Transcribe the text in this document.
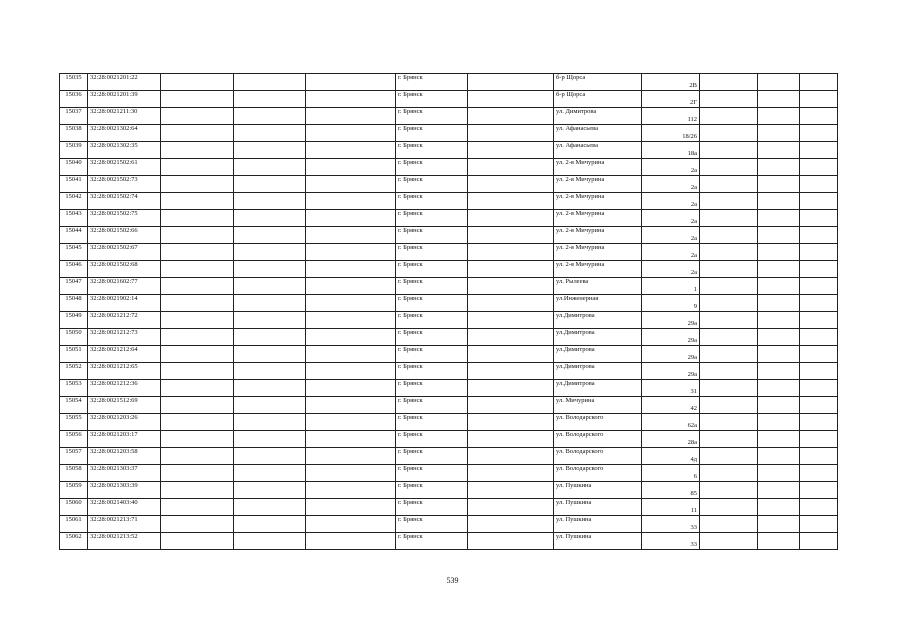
15035	32:28:0021201:22				г. Брянск		б-р Щорса	2В			
15036	32:28:0021201:39				г. Брянск		б-р Щорса	2Г			
15037	32:28:0021211:30				г. Брянск		ул. Димитрова	112			
15038	32:28:0021302:64				г. Брянск		ул. Афанасьева	18/26			
15039	32:28:0021302:35				г. Брянск		ул. Афанасьева	18а			
15040	32:28:0021502:61				г. Брянск		ул. 2-я Мичурина	2а			
15041	32:28:0021502:73				г. Брянск		ул. 2-я Мичурина	2а			
15042	32:28:0021502:74				г. Брянск		ул. 2-я Мичурина	2а			
15043	32:28:0021502:75				г. Брянск		ул. 2-я Мичурина	2а			
15044	32:28:0021502:66				г. Брянск		ул. 2-я Мичурина	2а			
15045	32:28:0021502:67				г. Брянск		ул. 2-я Мичурина	2а			
15046	32:28:0021502:68				г. Брянск		ул. 2-я Мичурина	2а			
15047	32:28:0021602:77				г. Брянск		ул. Рылеева	1			
15048	32:28:0021902:14				г. Брянск		ул.Инженерная	9			
15049	32:28:0021212:72				г. Брянск		ул.Димитрова	29а			
15050	32:28:0021212:73				г. Брянск		ул.Димитрова	29а			
15051	32:28:0021212:64				г. Брянск		ул.Димитрова	29а			
15052	32:28:0021212:65				г. Брянск		ул.Димитрова	29а			
15053	32:28:0021212:36				г. Брянск		ул.Димитрова	31			
15054	32:28:0021512:69				г. Брянск		ул. Мичурина	42			
15055	32:28:0021203:26				г. Брянск		ул. Володарского	62а			
15056	32:28:0021203:17				г. Брянск		ул. Володарского	28а			
15057	32:28:0021203:58				г. Брянск		ул. Володарского	4д			
15058	32:28:0021303:37				г. Брянск		ул. Володарского	6			
15059	32:28:0021303:39				г. Брянск		ул. Пушкина	85			
15060	32:28:0021403:40				г. Брянск		ул. Пушкина	11			
15061	32:28:0021213:71				г. Брянск		ул. Пушкина	33			
15062	32:28:0021213:52				г. Брянск		ул. Пушкина	33			
539
